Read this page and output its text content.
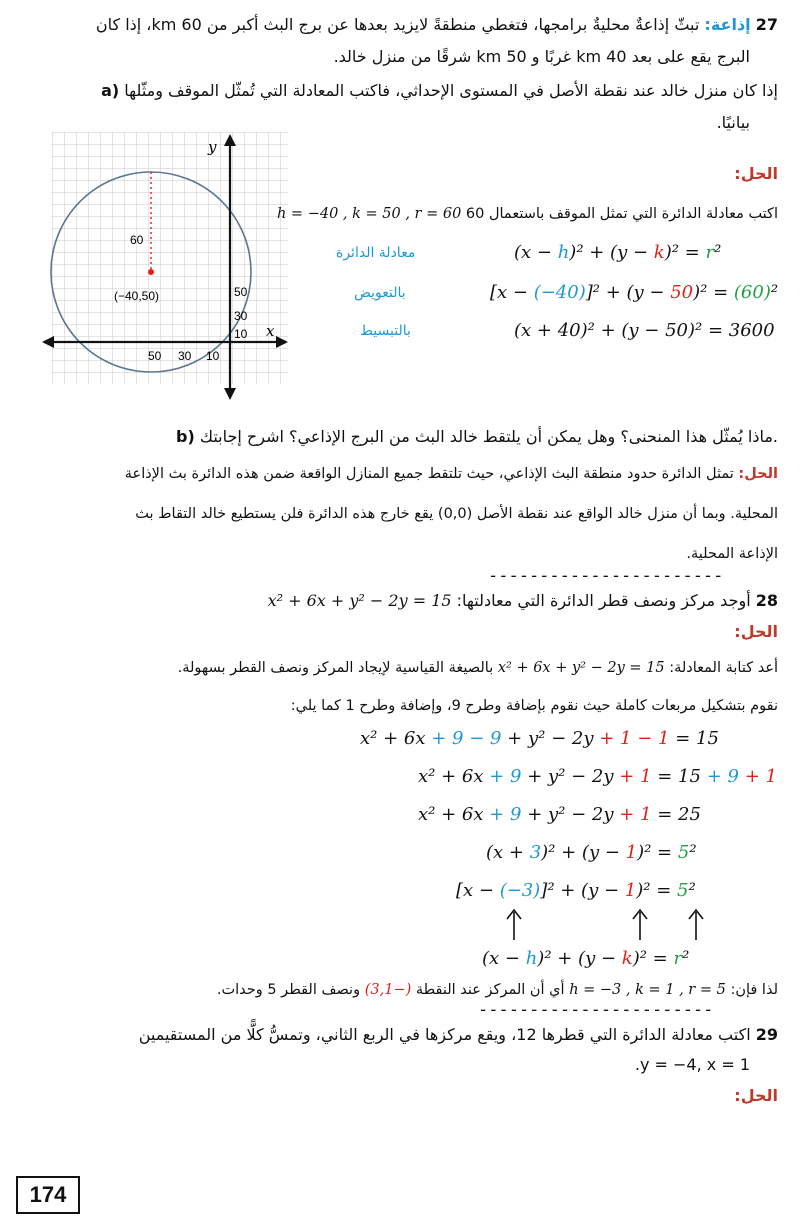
27 إذاعة: تبثّ إذاعةٌ محليةٌ برامجها، فتغطي منطقةً لايزيد بعدها عن برج البث أكبر من 60 km، إذا كان
البرج يقع على بعد 40 km غربًا و 50 km شرقًا من منزل خالد.
a) إذا كان منزل خالد عند نقطة الأصل في المستوى الإحداثي، فاكتب المعادلة التي تُمثّل الموقف ومثّلها
بيانيًا.
y
x
60
(−40,50)	50
30
10
50 30 10
الحل:
اكتب معادلة الدائرة التي تمثل الموقف باستعمال 60 h = −40 , k = 50 , r = 60
(x − h)² + (y − k)² = r²
معادلة الدائرة
[x − (−40)]² + (y − 50)² = (60)²
بالتعويض
(x + 40)² + (y − 50)² = 3600
بالتبسيط
b) ماذا يُمثّل هذا المنحنى؟ وهل يمكن أن يلتقط خالد البث من البرج الإذاعي؟ اشرح إجابتك.
الحل: تمثل الدائرة حدود منطقة البث الإذاعي، حيث تلتقط جميع المنازل الواقعة ضمن هذه الدائرة بث الإذاعة
المحلية. وبما أن منزل خالد الواقع عند نقطة الأصل (0,0) يقع خارج هذه الدائرة فلن يستطيع خالد التقاط بث
الإذاعة المحلية.
-----------------------
28 أوجد مركز ونصف قطر الدائرة التي معادلتها: x² + 6x + y² − 2y = 15
الحل:
أعد كتابة المعادلة: x² + 6x + y² − 2y = 15 بالصيغة القياسية لإيجاد المركز ونصف القطر بسهولة.
نقوم بتشكيل مربعات كاملة حيث نقوم بإضافة وطرح 9، وإضافة وطرح 1 كما يلي:
x² + 6x + 9 − 9 + y² − 2y + 1 − 1 = 15
x² + 6x + 9 + y² − 2y + 1 = 15 + 9 + 1
x² + 6x + 9 + y² − 2y + 1 = 25
(x + 3)² + (y − 1)² = 5²
[x − (−3)]² + (y − 1)² = 5²
(x − h)² + (y − k)² = r²
لذا فإن: h = −3 , k = 1 , r = 5 أي أن المركز عند النقطة (−3,1) ونصف القطر 5 وحدات.
-----------------------
29 اكتب معادلة الدائرة التي قطرها 12، ويقع مركزها في الربع الثاني، وتمسُّ كلًّا من المستقيمين
.y = −4, x = 1
الحل:
174
